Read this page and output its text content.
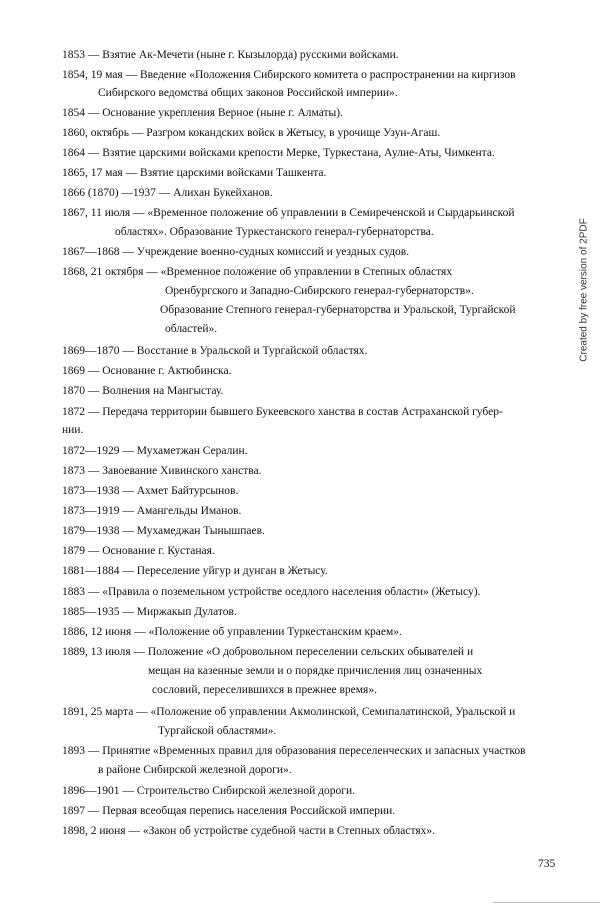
1853 — Взятие Ак-Мечети (ныне г. Кызылорда) русскими войсками.
1854, 19 мая — Введение «Положения Сибирского комитета о распространении на киргизов
Сибирского ведомства общих законов Российской империи».
1854 — Основание укрепления Верное (ныне г. Алматы).
1860, октябрь — Разгром кокандских войск в Жетысу, в урочище Узун-Агаш.
1864 — Взятие царскими войсками крепости Мерке, Туркестана, Аулие-Аты, Чимкента.
1865, 17 мая — Взятие царскими войсками Ташкента.
1866 (1870) —1937 — Алихан Букейханов.
1867, 11 июля — «Временное положение об управлении в Семиреченской и Сырдарьинской
областях». Образование Туркестанского генерал-губернаторства.
1867—1868 — Учреждение военно-судных комиссий и уездных судов.
1868, 21 октября — «Временное положение об управлении в Степных областях
Оренбургского и Западно-Сибирского генерал-губернаторств».
Образование Степного генерал-губернаторства и Уральской, Тургайской
областей».
1869—1870 — Восстание в Уральской и Тургайской областях.
1869 — Основание г. Актюбинска.
1870 — Волнения на Мангыстау.
1872 — Передача территории бывшего Букеевского ханства в состав Астраханской губер-
нии.
1872—1929 — Мухаметжан Сералин.
1873 — Завоевание Хивинского ханства.
1873—1938 — Ахмет Байтурсынов.
1873—1919 — Амангельды Иманов.
1879—1938 — Мухамеджан Тынышпаев.
1879 — Основание г. Кустаная.
1881—1884 — Переселение уйгур и дунган в Жетысу.
1883 — «Правила о поземельном устройстве оседлого населения области» (Жетысу).
1885—1935 — Миржакып Дулатов.
1886, 12 июня — «Положение об управлении Туркестанским краем».
1889, 13 июля — Положение «О добровольном переселении сельских обывателей и
мещан на казенные земли и о порядке причисления лиц означенных
сословий, переселившихся в прежнее время».
1891, 25 марта — «Положение об управлении Акмолинской, Семипалатинской, Уральской и
Тургайской областями».
1893 — Принятие «Временных правил для образования переселенческих и запасных участков
в районе Сибирской железной дороги».
1896—1901 — Строительство Сибирской железной дороги.
1897 — Первая всеобщая перепись населения Российской империи.
1898, 2 июня — «Закон об устройстве судебной части в Степных областях».
735
Created by free version of 2PDF
